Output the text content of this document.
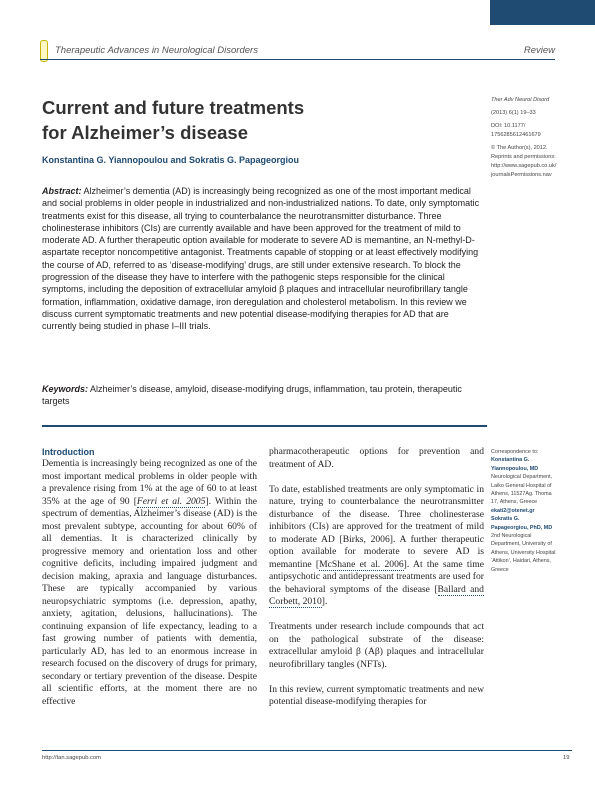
Therapeutic Advances in Neurological Disorders	Review
Current and future treatments
for Alzheimer’s disease
Konstantina G. Yiannopoulou and Sokratis G. Papageorgiou
Ther Adv Neurol Disord
(2013) 6(1) 19–33
DOI: 10.1177/
1756285612461679
© The Author(s), 2012.
Reprints and permissions:
http://www.sagepub.co.uk/
journalsPermissions.nav
Abstract: Alzheimer’s dementia (AD) is increasingly being recognized as one of the most important medical and social problems in older people in industrialized and non-industrialized nations. To date, only symptomatic treatments exist for this disease, all trying to counterbalance the neurotransmitter disturbance. Three cholinesterase inhibitors (CIs) are currently available and have been approved for the treatment of mild to moderate AD. A further therapeutic option available for moderate to severe AD is memantine, an N-methyl-D-aspartate receptor noncompetitive antagonist. Treatments capable of stopping or at least effectively modifying the course of AD, referred to as ‘disease-modifying’ drugs, are still under extensive research. To block the progression of the disease they have to interfere with the pathogenic steps responsible for the clinical symptoms, including the deposition of extracellular amyloid β plaques and intracellular neurofibrillary tangle formation, inflammation, oxidative damage, iron deregulation and cholesterol metabolism. In this review we discuss current symptomatic treatments and new potential disease-modifying therapies for AD that are currently being studied in phase I–III trials.
Keywords: Alzheimer’s disease, amyloid, disease-modifying drugs, inflammation, tau protein, therapeutic targets
Introduction
Dementia is increasingly being recognized as one of the most important medical problems in older people with a prevalence rising from 1% at the age of 60 to at least 35% at the age of 90 [Ferri et al. 2005]. Within the spectrum of dementias, Alzheimer’s disease (AD) is the most prevalent subtype, accounting for about 60% of all dementias. It is characterized clinically by progressive memory and orientation loss and other cognitive deficits, including impaired judgment and decision making, apraxia and language disturbances. These are typically accompanied by various neuropsychiatric symptoms (i.e. depression, apathy, anxiety, agitation, delusions, hallucinations). The continuing expansion of life expectancy, leading to a fast growing number of patients with dementia, particularly AD, has led to an enormous increase in research focused on the discovery of drugs for primary, secondary or tertiary prevention of the disease. Despite all scientific efforts, at the moment there are no effective
pharmacotherapeutic options for prevention and treatment of AD.
To date, established treatments are only symptomatic in nature, trying to counterbalance the neurotransmitter disturbance of the disease. Three cholinesterase inhibitors (CIs) are approved for the treatment of mild to moderate AD [Birks, 2006]. A further therapeutic option available for moderate to severe AD is memantine [McShane et al. 2006]. At the same time antipsychotic and antidepressant treatments are used for the behavioral symptoms of the disease [Ballard and Corbett, 2010].
Treatments under research include compounds that act on the pathological substrate of the disease: extracellular amyloid β (Aβ) plaques and intracellular neurofibrillary tangles (NFTs).
In this review, current symptomatic treatments and new potential disease-modifying therapies for
Correspondence to:
Konstantina G.
Yiannopoulou, MD
Neurological Department,
Laiko General Hospital of
Athens, 11527Ag. Thoma
17, Athens, Greece
ekati2@otenet.gr
Sokratis G.
Papageorgiou, PhD, MD
2nd Neurological
Department, University of
Athens, University Hospital
‘Attikon’, Haidari, Athens,
Greece
http://tan.sagepub.com	19
